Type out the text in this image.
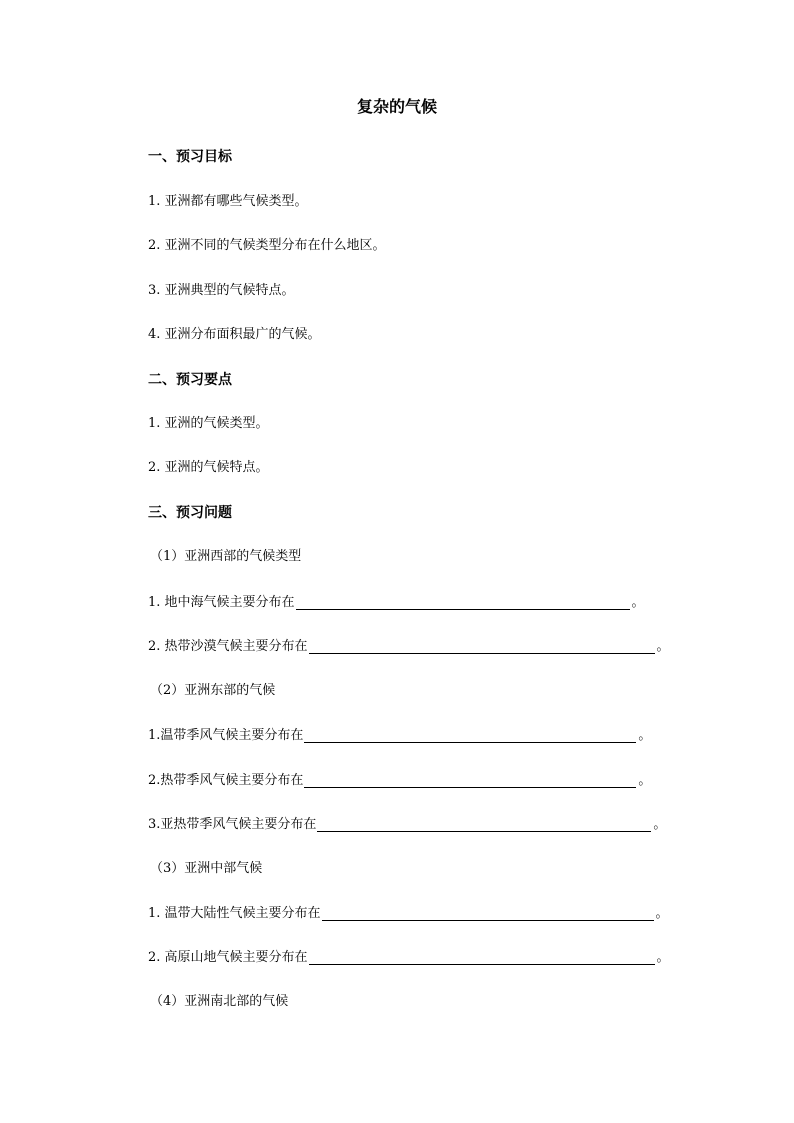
复杂的气候
一、预习目标
1. 亚洲都有哪些气候类型。
2. 亚洲不同的气候类型分布在什么地区。
3. 亚洲典型的气候特点。
4. 亚洲分布面积最广的气候。
二、预习要点
1. 亚洲的气候类型。
2. 亚洲的气候特点。
三、预习问题
（1）亚洲西部的气候类型
1. 地中海气候主要分布在	。
2. 热带沙漠气候主要分布在	。
（2）亚洲东部的气候
1.温带季风气候主要分布在	。
2.热带季风气候主要分布在	。
3.亚热带季风气候主要分布在	。
（3）亚洲中部气候
1. 温带大陆性气候主要分布在	。
2. 高原山地气候主要分布在	。
（4）亚洲南北部的气候
